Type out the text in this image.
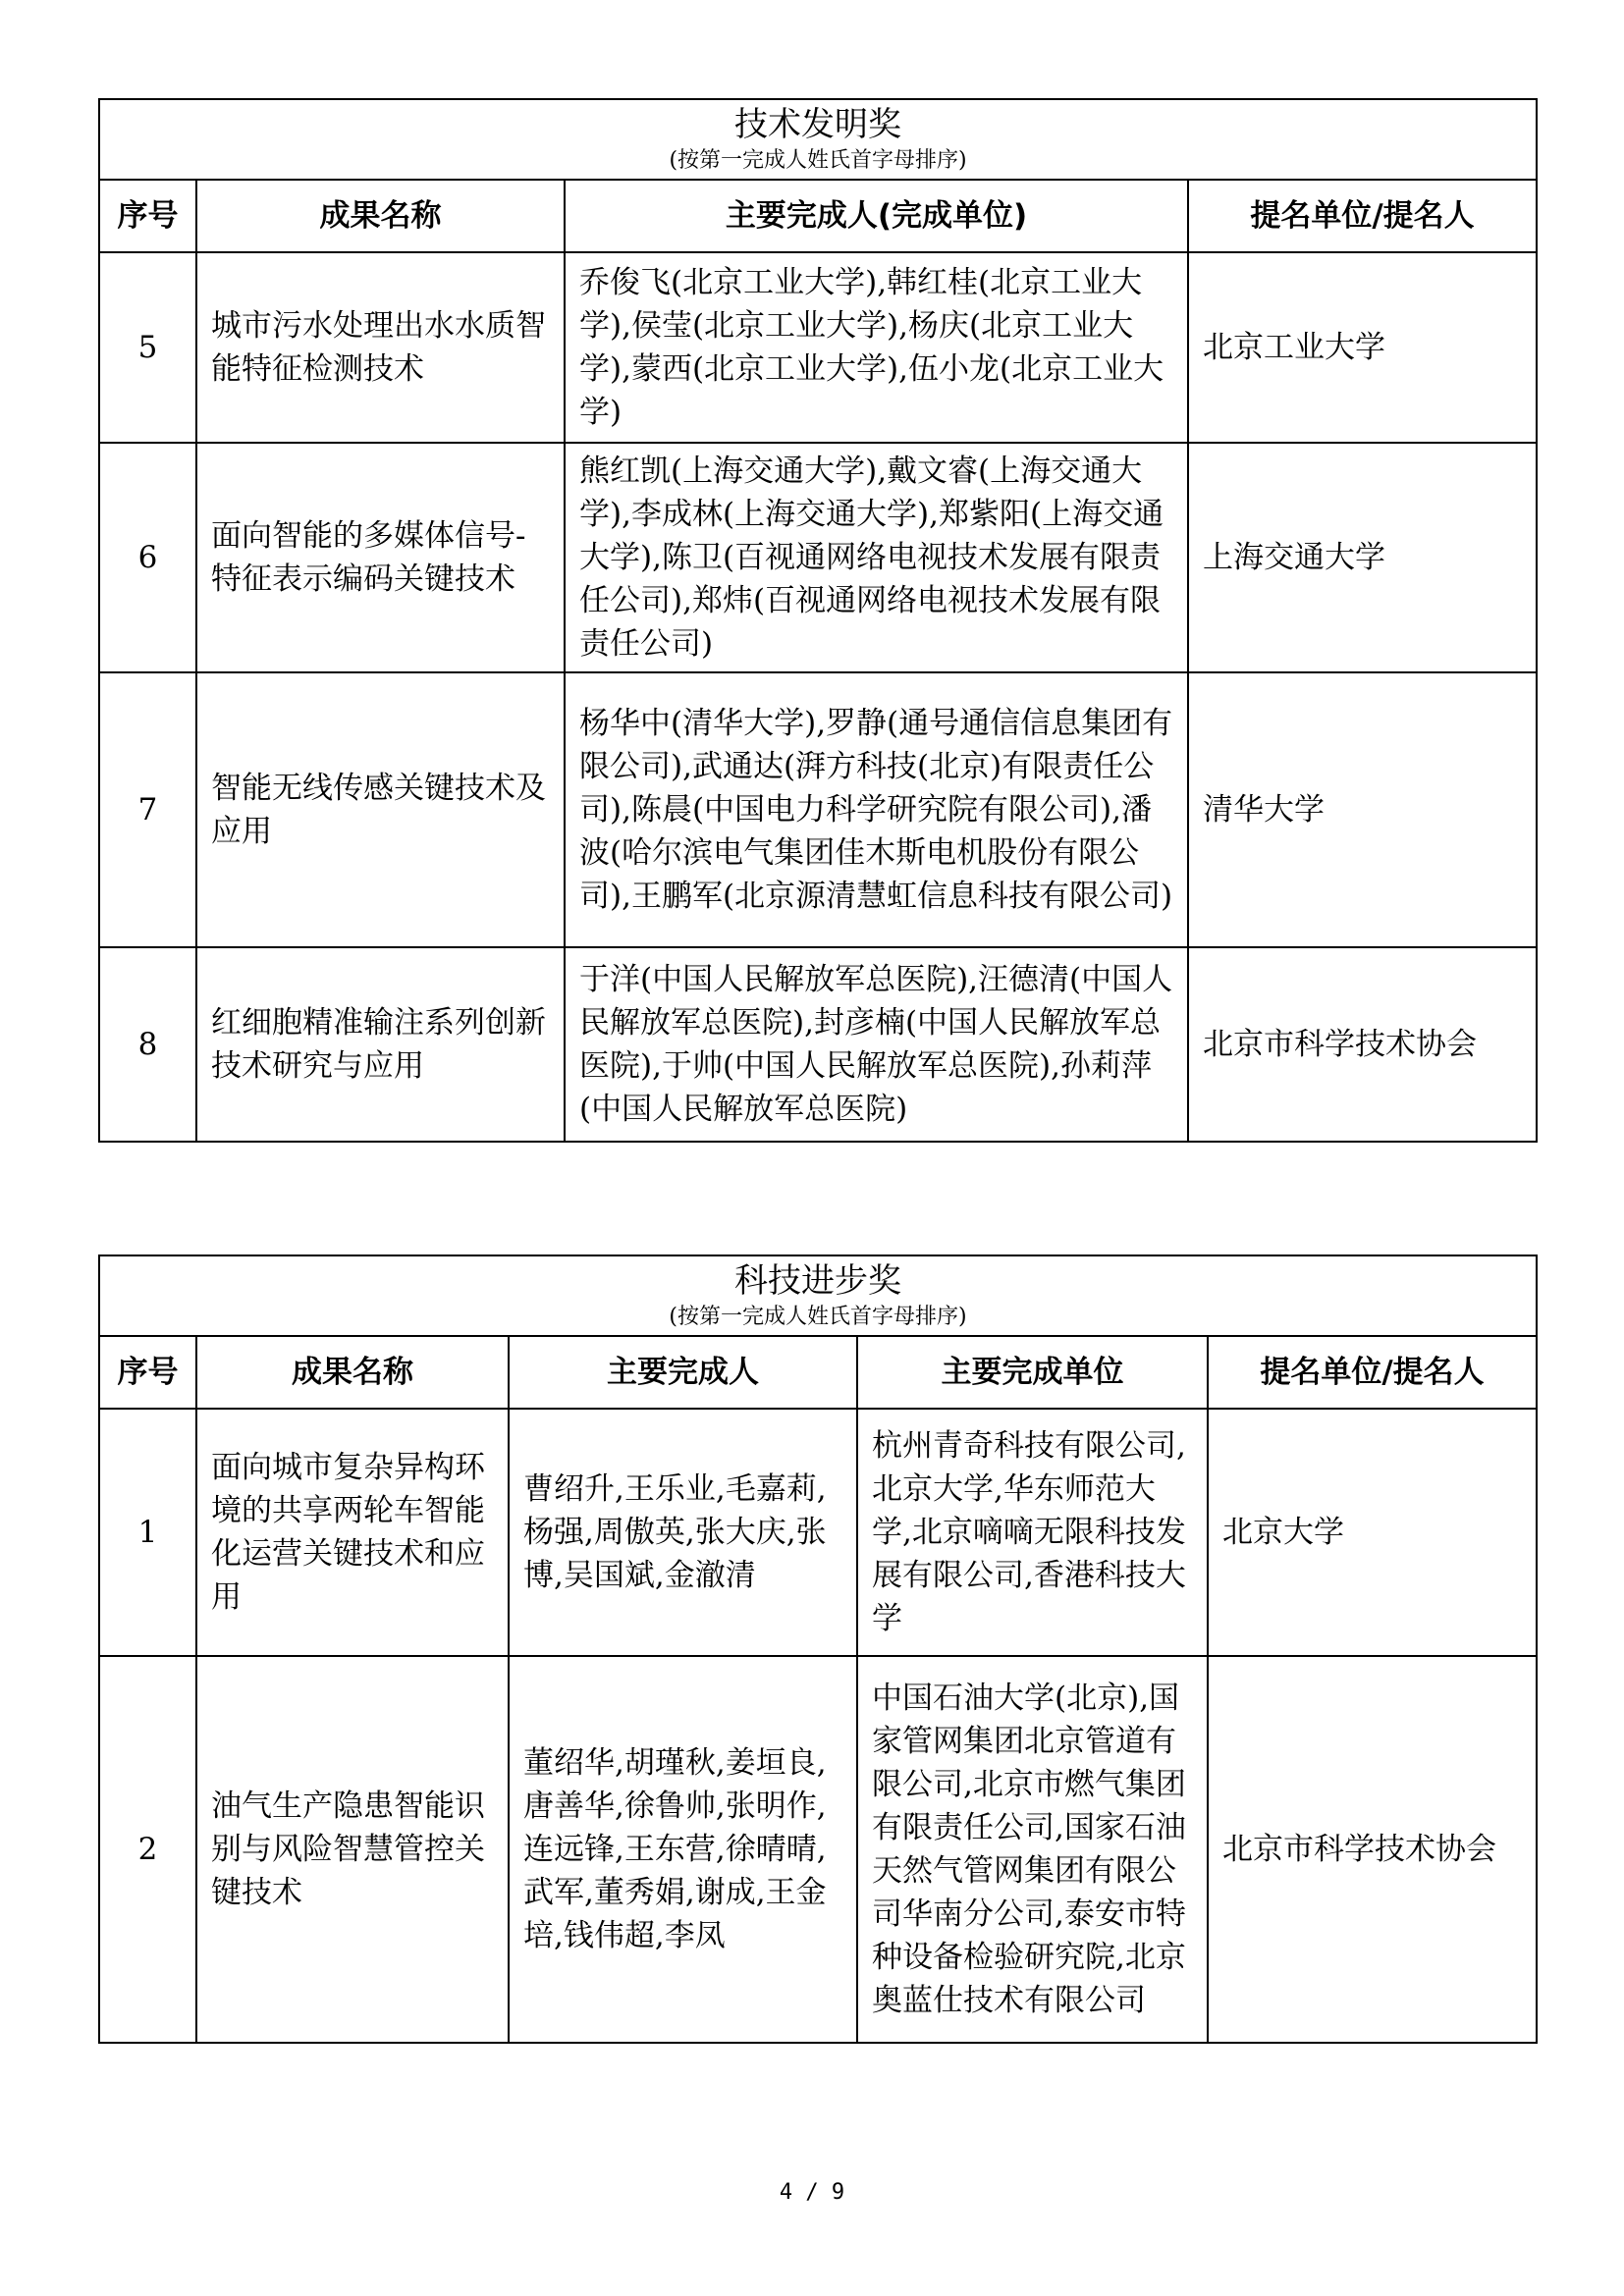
技术发明奖
(按第一完成人姓氏首字母排序)			

序号	成果名称	主要完成人(完成单位)	提名单位/提名人
5	城市污水处理出水水质智能特征检测技术	乔俊飞(北京工业大学),韩红桂(北京工业大学),侯莹(北京工业大学),杨庆(北京工业大学),蒙西(北京工业大学),伍小龙(北京工业大学)	北京工业大学
6	面向智能的多媒体信号-特征表示编码关键技术	熊红凯(上海交通大学),戴文睿(上海交通大学),李成林(上海交通大学),郑紫阳(上海交通大学),陈卫(百视通网络电视技术发展有限责任公司),郑炜(百视通网络电视技术发展有限责任公司)	上海交通大学
7	智能无线传感关键技术及应用	杨华中(清华大学),罗静(通号通信信息集团有限公司),武通达(湃方科技(北京)有限责任公司),陈晨(中国电力科学研究院有限公司),潘波(哈尔滨电气集团佳木斯电机股份有限公司),王鹏军(北京源清慧虹信息科技有限公司)	清华大学
8	红细胞精准输注系列创新技术研究与应用	于洋(中国人民解放军总医院),汪德清(中国人民解放军总医院),封彦楠(中国人民解放军总医院),于帅(中国人民解放军总医院),孙莉萍(中国人民解放军总医院)	北京市科学技术协会
科技进步奖
(按第一完成人姓氏首字母排序)				

序号	成果名称	主要完成人	主要完成单位	提名单位/提名人
1	面向城市复杂异构环境的共享两轮车智能化运营关键技术和应用	曹绍升,王乐业,毛嘉莉,杨强,周傲英,张大庆,张博,吴国斌,金澈清	杭州青奇科技有限公司,北京大学,华东师范大学,北京嘀嘀无限科技发展有限公司,香港科技大学	北京大学
2	油气生产隐患智能识别与风险智慧管控关键技术	董绍华,胡瑾秋,姜垣良,唐善华,徐鲁帅,张明作,连远锋,王东营,徐晴晴,武军,董秀娟,谢成,王金培,钱伟超,李凤	中国石油大学(北京),国家管网集团北京管道有限公司,北京市燃气集团有限责任公司,国家石油天然气管网集团有限公司华南分公司,泰安市特种设备检验研究院,北京奥蓝仕技术有限公司	北京市科学技术协会
4 / 9
